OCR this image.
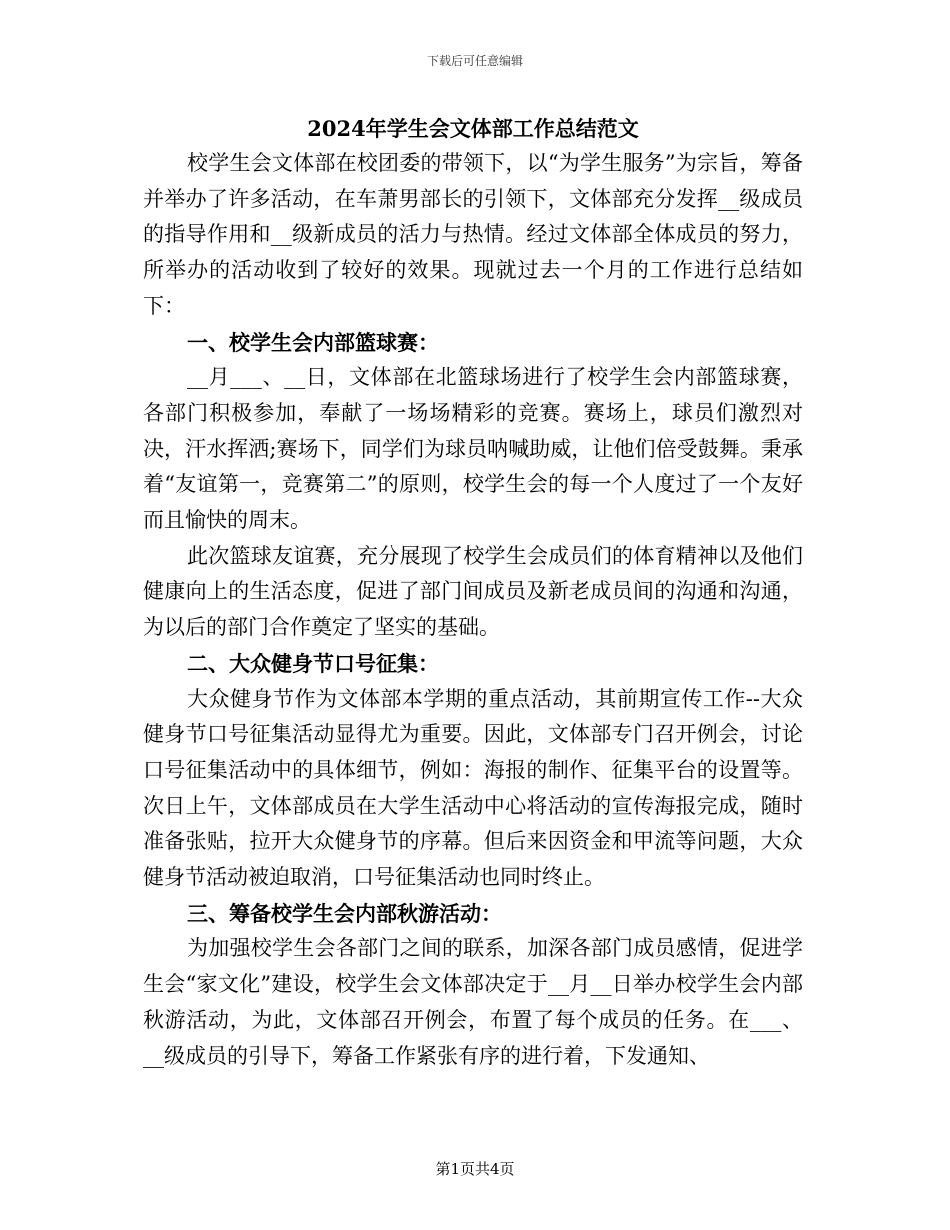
下载后可任意编辑
2024年学生会文体部工作总结范文

校学生会文体部在校团委的带领下，以“为学生服务”为宗旨，筹备并举办了许多活动，在车萧男部长的引领下，文体部充分发挥__级成员的指导作用和__级新成员的活力与热情。经过文体部全体成员的努力，所举办的活动收到了较好的效果。现就过去一个月的工作进行总结如下：

一、校学生会内部篮球赛：

__月___、__日，文体部在北篮球场进行了校学生会内部篮球赛，各部门积极参加，奉献了一场场精彩的竞赛。赛场上，球员们激烈对决，汗水挥洒;赛场下，同学们为球员呐喊助威，让他们倍受鼓舞。秉承着“友谊第一，竞赛第二”的原则，校学生会的每一个人度过了一个友好而且愉快的周末。

此次篮球友谊赛，充分展现了校学生会成员们的体育精神以及他们健康向上的生活态度，促进了部门间成员及新老成员间的沟通和沟通，为以后的部门合作奠定了坚实的基础。

二、大众健身节口号征集：

大众健身节作为文体部本学期的重点活动，其前期宣传工作--大众健身节口号征集活动显得尤为重要。因此，文体部专门召开例会，讨论口号征集活动中的具体细节，例如：海报的制作、征集平台的设置等。次日上午，文体部成员在大学生活动中心将活动的宣传海报完成，随时准备张贴，拉开大众健身节的序幕。但后来因资金和甲流等问题，大众健身节活动被迫取消，口号征集活动也同时终止。

三、筹备校学生会内部秋游活动：

为加强校学生会各部门之间的联系，加深各部门成员感情，促进学生会“家文化”建设，校学生会文体部决定于__月__日举办校学生会内部秋游活动，为此，文体部召开例会，布置了每个成员的任务。在___、__级成员的引导下，筹备工作紧张有序的进行着，下发通知、

第1页共4页
